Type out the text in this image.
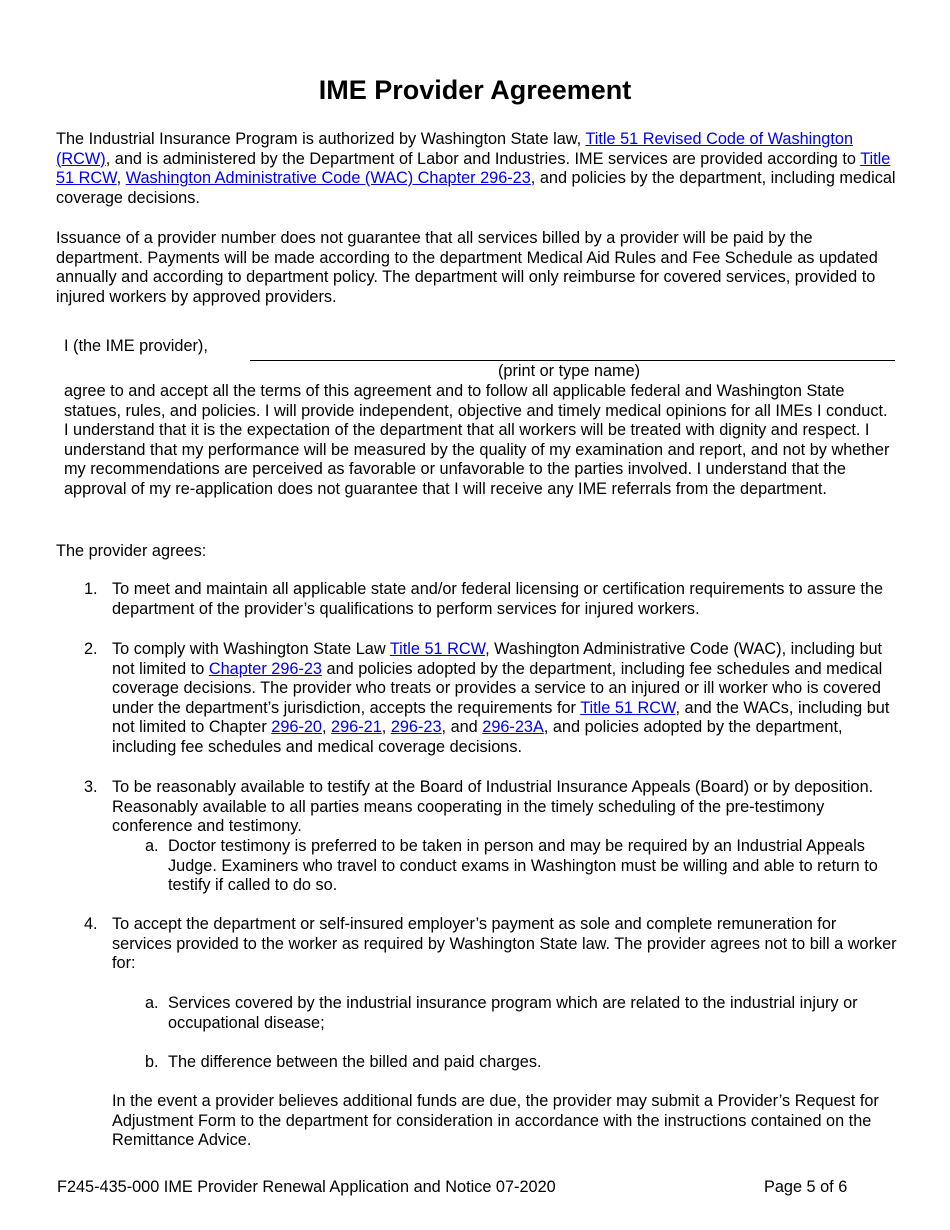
IME Provider Agreement

The Industrial Insurance Program is authorized by Washington State law, Title 51 Revised Code of Washington (RCW), and is administered by the Department of Labor and Industries. IME services are provided according to Title 51 RCW, Washington Administrative Code (WAC) Chapter 296-23, and policies by the department, including medical coverage decisions.

Issuance of a provider number does not guarantee that all services billed by a provider will be paid by the department. Payments will be made according to the department Medical Aid Rules and Fee Schedule as updated annually and according to department policy. The department will only reimburse for covered services, provided to injured workers by approved providers.

I (the IME provider),
(print or type name)

agree to and accept all the terms of this agreement and to follow all applicable federal and Washington State statues, rules, and policies. I will provide independent, objective and timely medical opinions for all IMEs I conduct. I understand that it is the expectation of the department that all workers will be treated with dignity and respect. I understand that my performance will be measured by the quality of my examination and report, and not by whether my recommendations are perceived as favorable or unfavorable to the parties involved. I understand that the approval of my re-application does not guarantee that I will receive any IME referrals from the department.

The provider agrees:
1. To meet and maintain all applicable state and/or federal licensing or certification requirements to assure the department of the provider’s qualifications to perform services for injured workers.
2. To comply with Washington State Law Title 51 RCW, Washington Administrative Code (WAC), including but not limited to Chapter 296-23 and policies adopted by the department, including fee schedules and medical coverage decisions. The provider who treats or provides a service to an injured or ill worker who is covered under the department’s jurisdiction, accepts the requirements for Title 51 RCW, and the WACs, including but not limited to Chapter 296-20, 296-21, 296-23, and 296-23A, and policies adopted by the department, including fee schedules and medical coverage decisions.
3. To be reasonably available to testify at the Board of Industrial Insurance Appeals (Board) or by deposition. Reasonably available to all parties means cooperating in the timely scheduling of the pre-testimony conference and testimony.
a. Doctor testimony is preferred to be taken in person and may be required by an Industrial Appeals Judge. Examiners who travel to conduct exams in Washington must be willing and able to return to testify if called to do so.
4. To accept the department or self-insured employer’s payment as sole and complete remuneration for services provided to the worker as required by Washington State law. The provider agrees not to bill a worker for:
a. Services covered by the industrial insurance program which are related to the industrial injury or occupational disease;
b. The difference between the billed and paid charges.
In the event a provider believes additional funds are due, the provider may submit a Provider’s Request for Adjustment Form to the department for consideration in accordance with the instructions contained on the Remittance Advice.
F245-435-000 IME Provider Renewal Application and Notice 07-2020	Page 5 of 6
